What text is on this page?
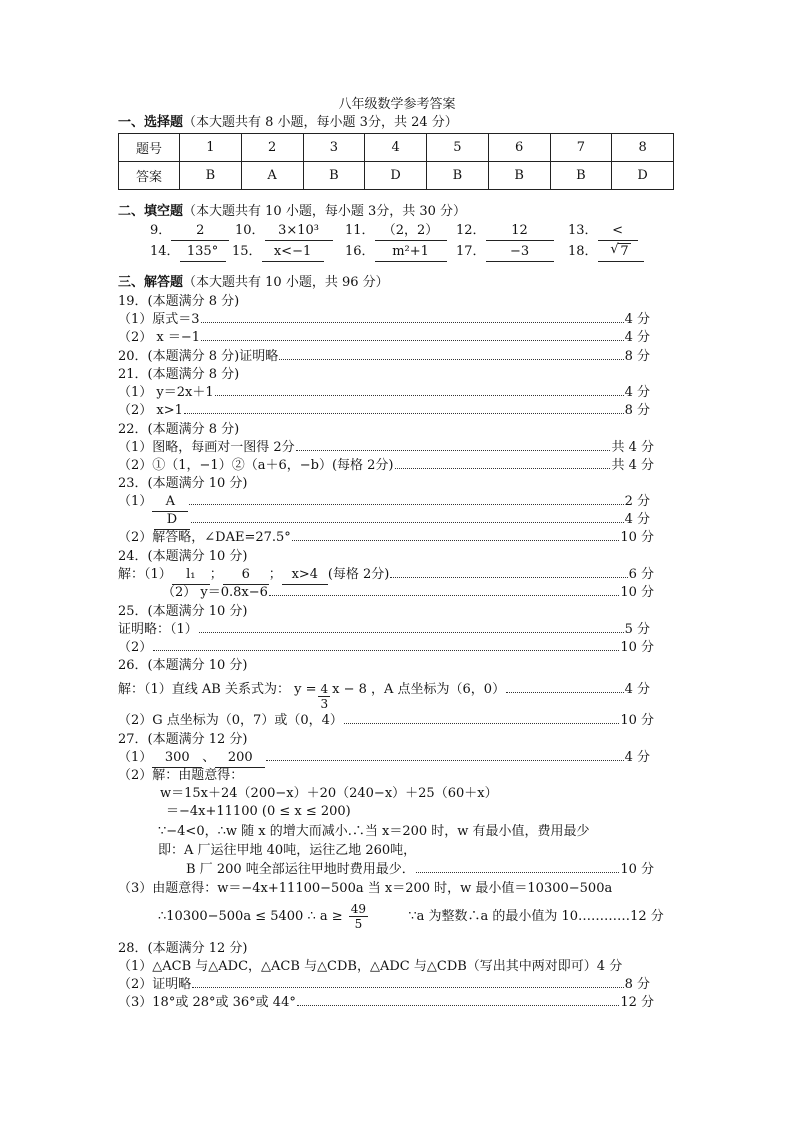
八年级数学参考答案
一、选择题（本大题共有 8 小题，每小题 3分，共 24 分）
题号	1	2	3	4	5	6	7	8
答案	B	A	B	D	B	B	B	D
二、填空题（本大题共有 10 小题，每小题 3分，共 30 分）
9． 2	10． 3×10³	11． （2，2）	12． 12	13． <
14． 135°	15． x<−1	16． m²+1	17． −3	18． √ 7
三、解答题（本大题共有 10 小题，共 96 分）
19．(本题满分 8 分)
（1）原式＝3	4 分
（2） x ＝−1	4 分
20．(本题满分 8 分)证明略	8 分
21．(本题满分 8 分)
（1） y＝2x＋1	4 分
（2） x>1	8 分
22．(本题满分 8 分)
（1）图略，每画对一图得 2分	共 4 分
（2）①（1，−1）②（a＋6，−b）(每格 2分)	共 4 分
23．(本题满分 10 分)
（1）	A	2 分
D	4 分
（2）解答略，∠DAE=27.5°	10 分
24．(本题满分 10 分)
解：（1）	l₁	；	6	； x>4 (每格 2分)	6 分
（2） y＝0.8x−6	10 分
25．(本题满分 10 分)
证明略：（1）	5 分
（2）	10 分
26．(本题满分 10 分)
解：（1）直线 AB 关系式为： $y = \frac{4}{3}$ x − 8 ，A 点坐标为（6，0）	4 分
（2）G 点坐标为（0，7）或（0，4）	10 分
27．(本题满分 12 分)
（1） 300 、 200	4 分
（2）解：由题意得：
w＝15x＋24（200−x）＋20（240−x）＋25（60＋x）
＝−4x+11100 (0 ≤ x ≤ 200)
∵−4<0，∴w 随 x 的增大而减小.∴当 x＝200 时，w 有最小值，费用最少
即：A 厂运往甲地 40吨，运往乙地 260吨，
B 厂 200 吨全部运往甲地时费用最少．	10 分
（3）由题意得：w＝−4x+11100−500a 当 x＝200 时，w 最小值＝10300−500a
∴10300−500a ≤ 5400 ∴ $a \ge \frac{49}{5}$	∵a 为整数∴a 的最小值为 10…………12 分
28．(本题满分 12 分)
（1）△ACB 与△ADC，△ACB 与△CDB，△ADC 与△CDB（写出其中两对即可）4 分
（2）证明略	8 分
（3）18°或 28°或 36°或 44°	12 分
